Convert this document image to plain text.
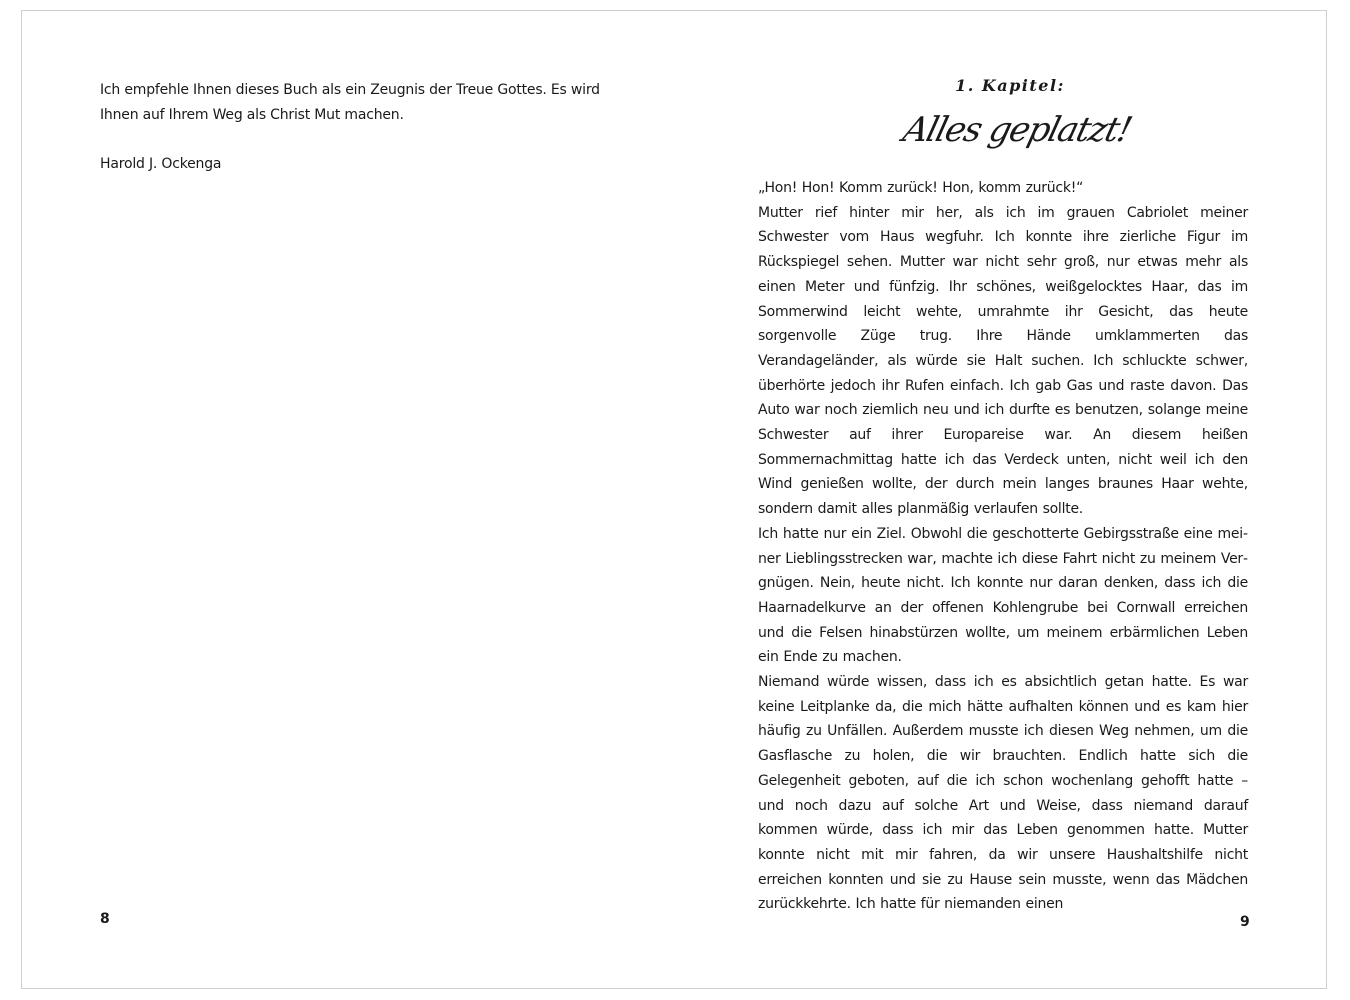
Ich empfehle Ihnen dieses Buch als ein Zeugnis der Treue Gottes. Es wird Ihnen auf Ihrem Weg als Christ Mut machen.
Harold J. Ockenga
8
1. Kapitel:
Alles geplatzt!

„Hon! Hon! Komm zurück! Hon, komm zurück!“

Mutter rief hinter mir her, als ich im grauen Cabriolet meiner Schwester vom Haus wegfuhr. Ich konnte ihre zierliche Figur im Rückspiegel sehen. Mutter war nicht sehr groß, nur etwas mehr als einen Meter und fünfzig. Ihr schönes, weißgelocktes Haar, das im Sommerwind leicht wehte, umrahmte ihr Gesicht, das heute sorgenvolle Züge trug. Ihre Hände umklammerten das Verandageländer, als würde sie Halt suchen. Ich schluckte schwer, überhörte jedoch ihr Rufen einfach. Ich gab Gas und raste davon. Das Auto war noch ziemlich neu und ich durfte es benutzen, solange meine Schwester auf ihrer Europareise war. An diesem heißen Sommernachmittag hatte ich das Verdeck unten, nicht weil ich den Wind genießen wollte, der durch mein langes braunes Haar wehte, sondern damit alles planmäßig verlaufen sollte.

Ich hatte nur ein Ziel. Obwohl die geschotterte Gebirgsstraße eine meiner Lieblingsstrecken war, machte ich diese Fahrt nicht zu meinem Vergnügen. Nein, heute nicht. Ich konnte nur daran denken, dass ich die Haarnadelkurve an der offenen Kohlengrube bei Cornwall erreichen und die Felsen hinabstürzen wollte, um meinem erbärmlichen Leben ein Ende zu machen.

Niemand würde wissen, dass ich es absichtlich getan hatte. Es war keine Leitplanke da, die mich hätte aufhalten können und es kam hier häufig zu Unfällen. Außerdem musste ich diesen Weg nehmen, um die Gasflasche zu holen, die wir brauchten. Endlich hatte sich die Gelegenheit geboten, auf die ich schon wochenlang gehofft hatte – und noch dazu auf solche Art und Weise, dass niemand darauf kommen würde, dass ich mir das Leben genommen hatte. Mutter konnte nicht mit mir fahren, da wir unsere Haushaltshilfe nicht erreichen konnten und sie zu Hause sein musste, wenn das Mädchen zurückkehrte. Ich hatte für niemanden einen

9
